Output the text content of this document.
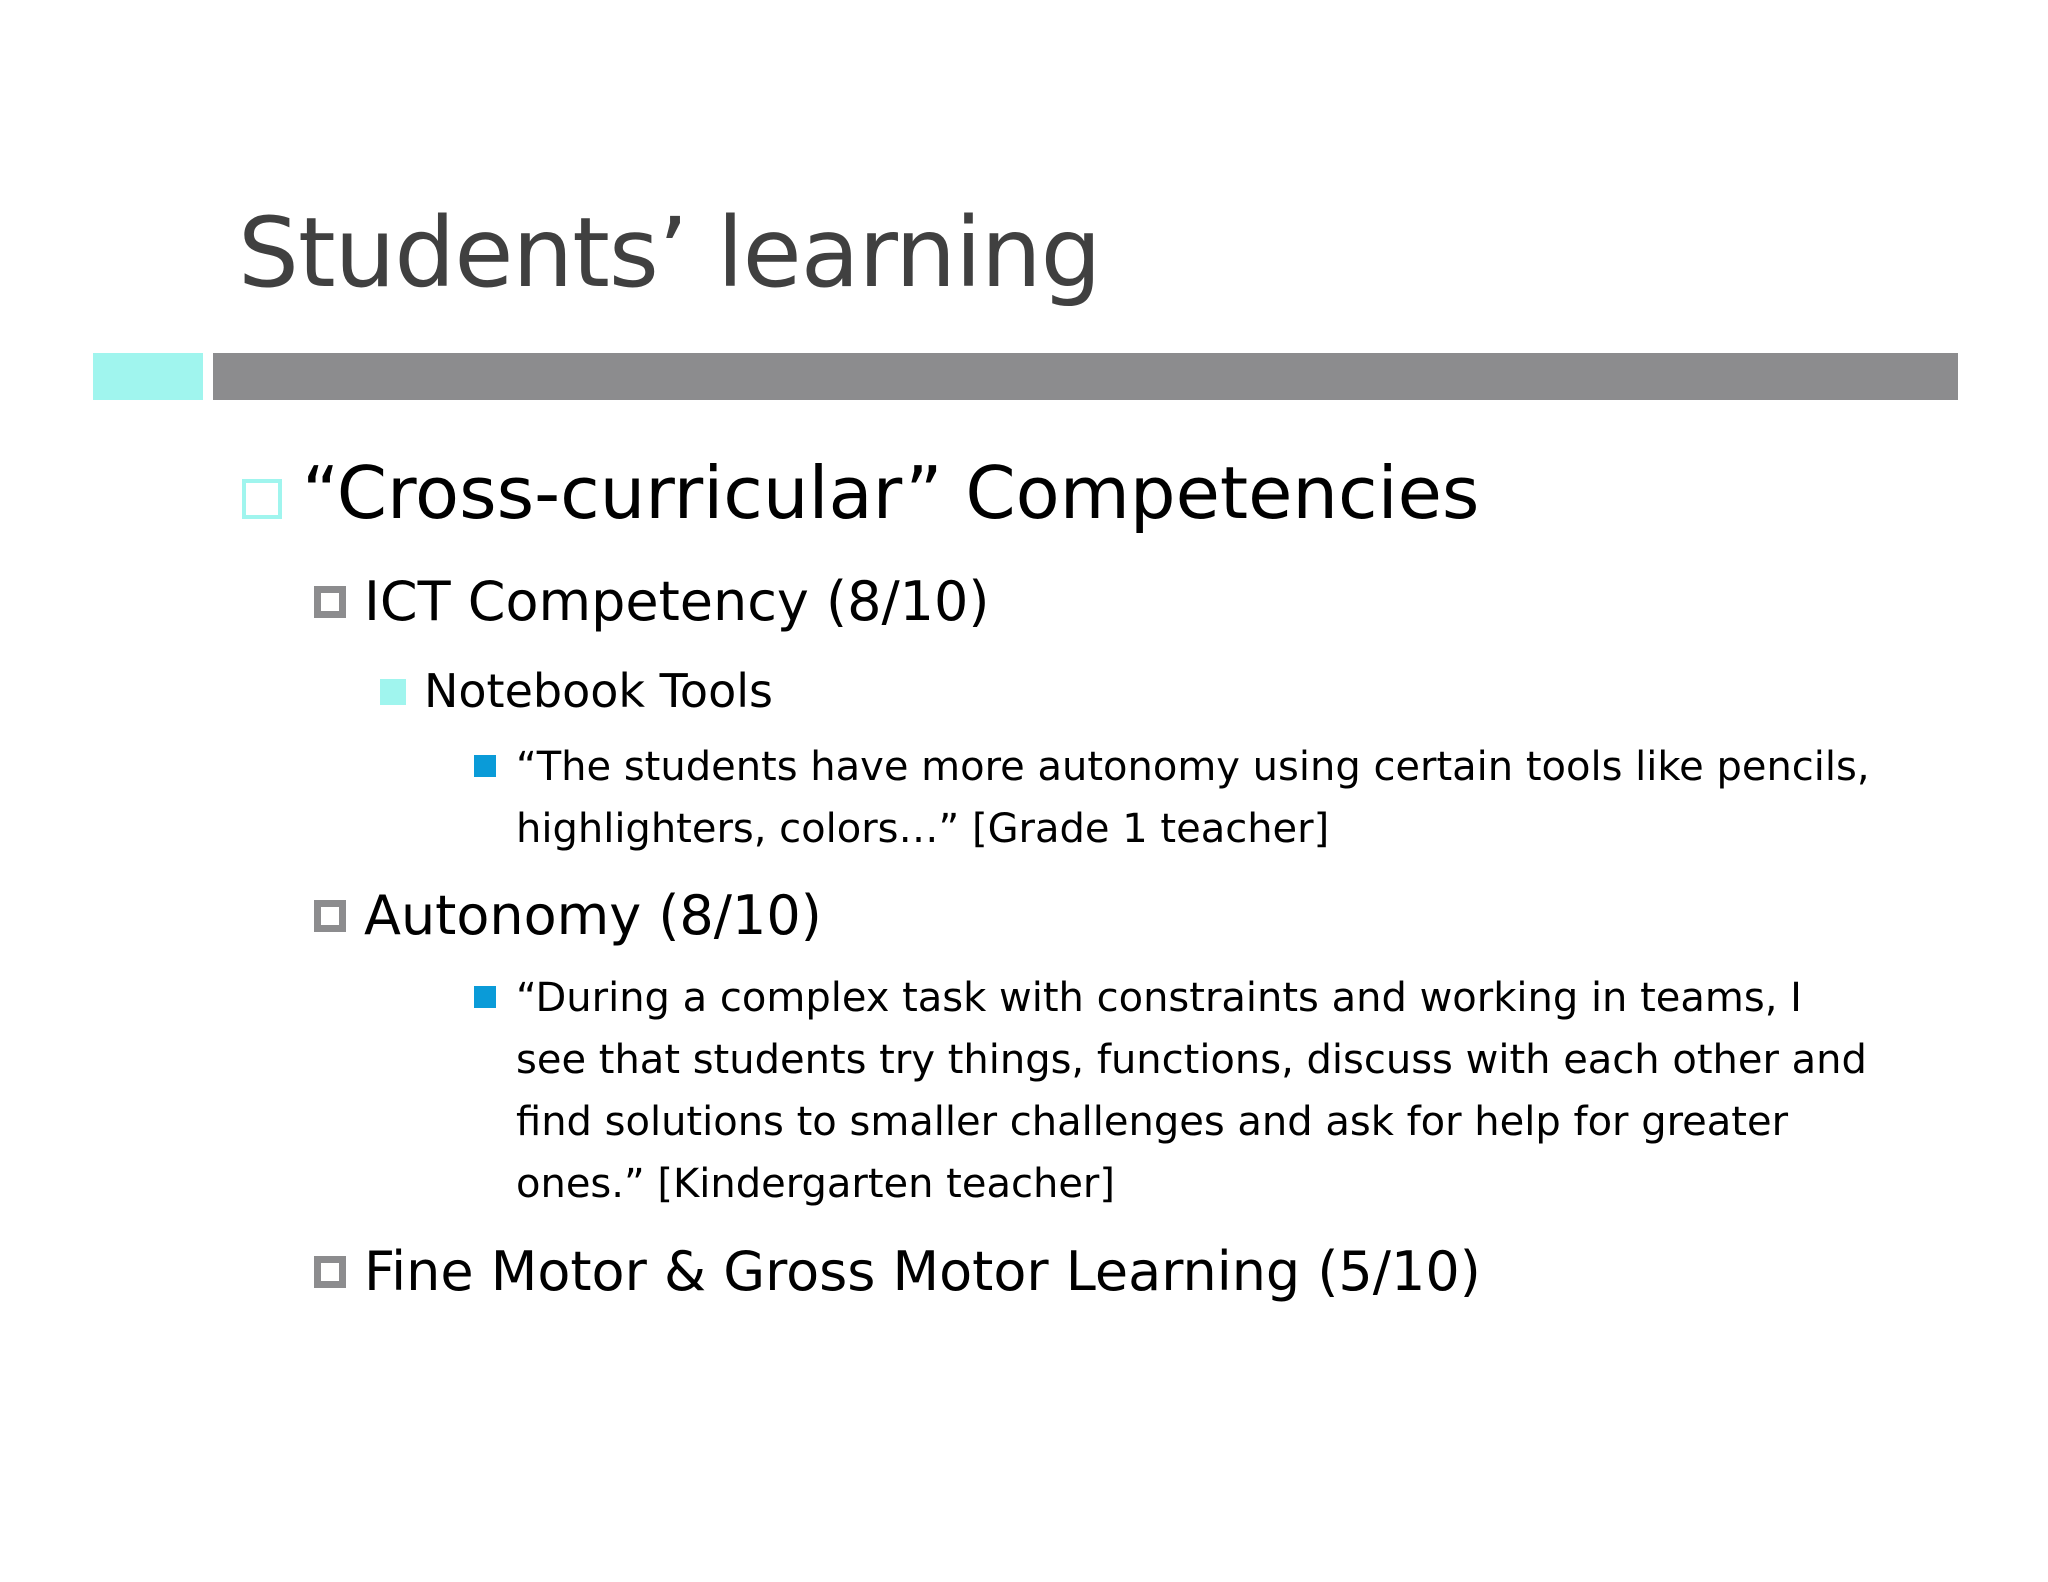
Students’ learning
“Cross-curricular” Competencies
ICT Competency (8/10)
Notebook Tools
“The students have more autonomy using certain tools like pencils,
highlighters, colors…” [Grade 1 teacher]
Autonomy (8/10)
“During a complex task with constraints and working in teams, I
see that students try things, functions, discuss with each other and
find solutions to smaller challenges and ask for help for greater
ones.” [Kindergarten teacher]
Fine Motor & Gross Motor Learning (5/10)
